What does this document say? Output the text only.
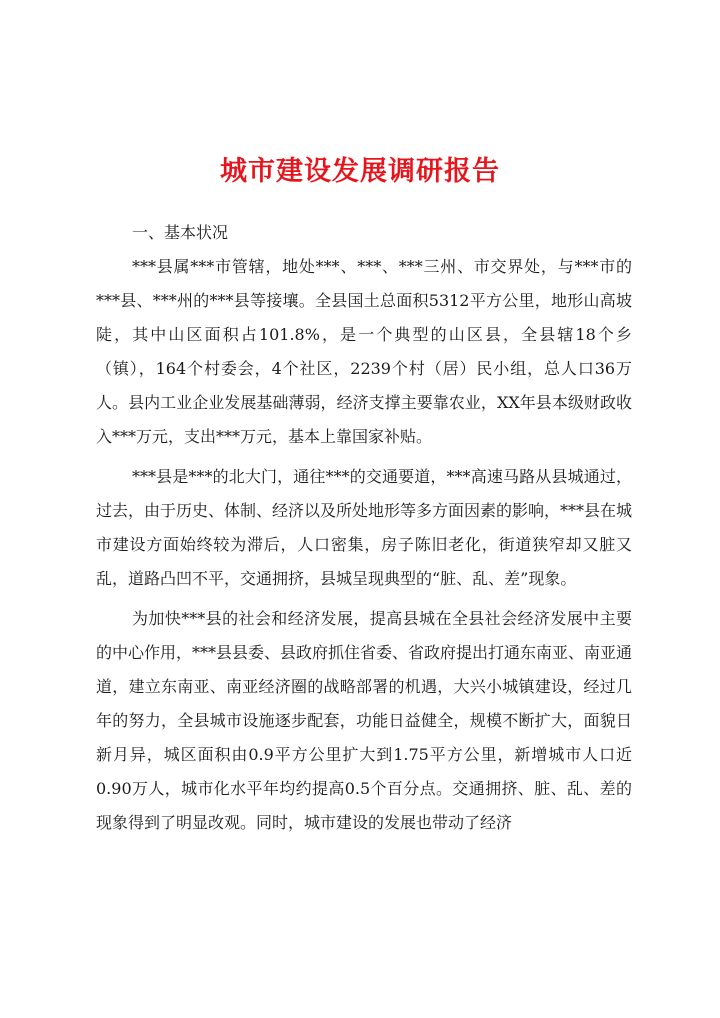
城市建设发展调研报告

一、基本状况

***县属***市管辖，地处***、***、***三州、市交界处，与***市的***县、***州的***县等接壤。全县国土总面积5312平方公里，地形山高坡陡，其中山区面积占101.8%，是一个典型的山区县，全县辖18个乡（镇），164个村委会，4个社区，2239个村（居）民小组，总人口36万人。县内工业企业发展基础薄弱，经济支撑主要靠农业，XX年县本级财政收入***万元，支出***万元，基本上靠国家补贴。

***县是***的北大门，通往***的交通要道，***高速马路从县城通过，过去，由于历史、体制、经济以及所处地形等多方面因素的影响，***县在城市建设方面始终较为滞后，人口密集，房子陈旧老化，街道狭窄却又脏又乱，道路凸凹不平，交通拥挤，县城呈现典型的“脏、乱、差”现象。

为加快***县的社会和经济发展，提高县城在全县社会经济发展中主要的中心作用，***县县委、县政府抓住省委、省政府提出打通东南亚、南亚通道，建立东南亚、南亚经济圈的战略部署的机遇，大兴小城镇建设，经过几年的努力，全县城市设施逐步配套，功能日益健全，规模不断扩大，面貌日新月异，城区面积由0.9平方公里扩大到1.75平方公里，新增城市人口近0.90万人，城市化水平年均约提高0.5个百分点。交通拥挤、脏、乱、差的现象得到了明显改观。同时，城市建设的发展也带动了经济
